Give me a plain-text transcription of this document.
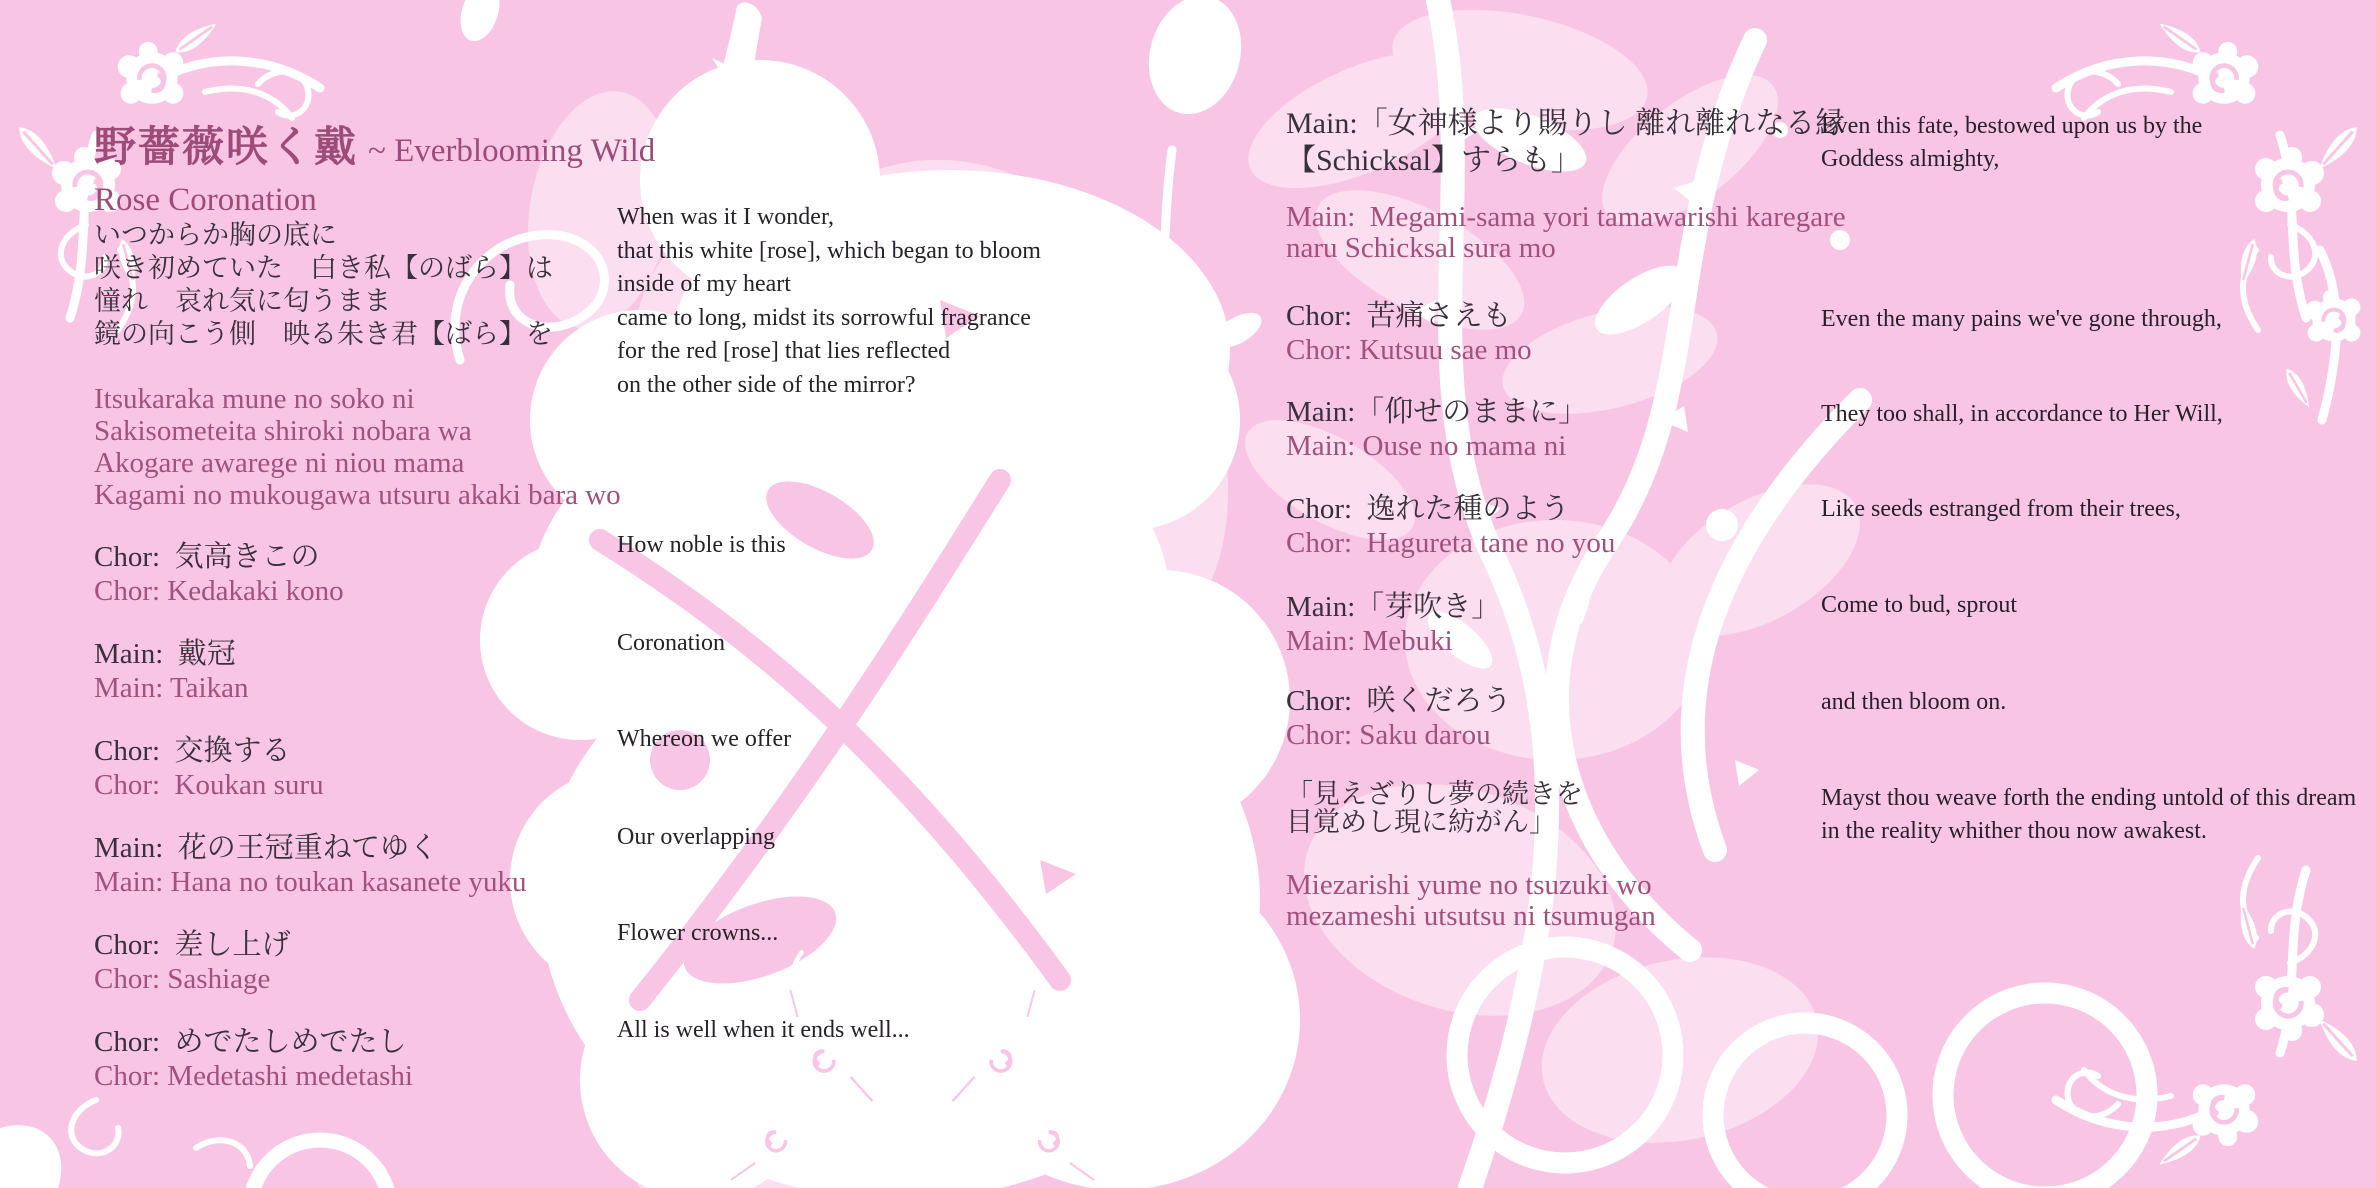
野薔薇咲く戴 ~ Everblooming Wild
Rose Coronation
いつからか胸の底に
咲き初めていた　白き私【のばら】は
憧れ　哀れ気に匂うまま
鏡の向こう側　映る朱き君【ばら】を
Itsukaraka mune no soko ni
Sakisometeita shiroki nobara wa
Akogare awarege ni niou mama
Kagami no mukougawa utsuru akaki bara wo
Chor:  気高きこの
Chor: Kedakaki kono
Main:  戴冠
Main: Taikan
Chor:  交換する
Chor:  Koukan suru
Main:  花の王冠重ねてゆく
Main: Hana no toukan kasanete yuku
Chor:  差し上げ
Chor: Sashiage
Chor:  めでたしめでたし
Chor: Medetashi medetashi
When was it I wonder,
that this white [rose], which began to bloom
inside of my heart
came to long, midst its sorrowful fragrance
for the red [rose] that lies reflected
on the other side of the mirror?
How noble is this
Coronation
Whereon we offer
Our overlapping
Flower crowns...
All is well when it ends well...
Main:「女神様より賜りし 離れ離れなる縁
【Schicksal】すらも」
Main:  Megami-sama yori tamawarishi karegare
naru Schicksal sura mo
Chor:  苦痛さえも
Chor: Kutsuu sae mo
Main:「仰せのままに」
Main: Ouse no mama ni
Chor:  逸れた種のよう
Chor:  Hagureta tane no you
Main:「芽吹き」
Main: Mebuki
Chor:  咲くだろう
Chor: Saku darou
「見えざりし夢の続きを
目覚めし現に紡がん」
Miezarishi yume no tsuzuki wo
mezameshi utsutsu ni tsumugan
Even this fate, bestowed upon us by the
Goddess almighty,
Even the many pains we've gone through,
They too shall, in accordance to Her Will,
Like seeds estranged from their trees,
Come to bud, sprout
and then bloom on.
Mayst thou weave forth the ending untold of this dream
in the reality whither thou now awakest.
